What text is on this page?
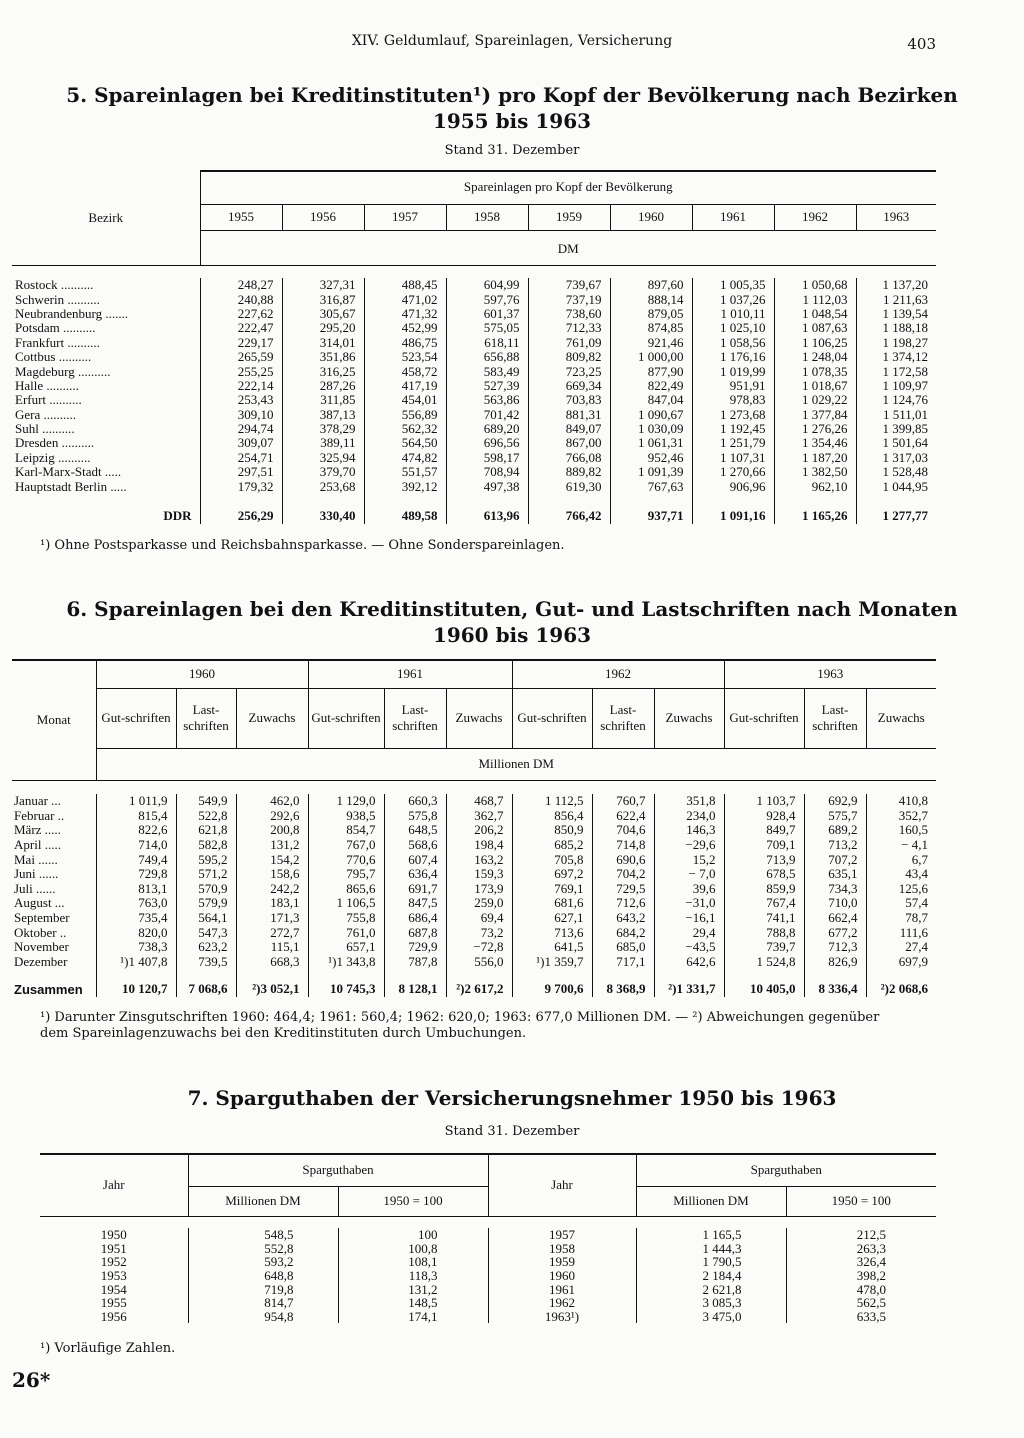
XIV. Geldumlauf, Spareinlagen, Versicherung	403
5. Spareinlagen bei Kreditinstituten¹) pro Kopf der Bevölkerung nach Bezirken
1955 bis 1963
Stand 31. Dezember
Bezirk	Spareinlagen pro Kopf der Bevölkerung								
	1955	1956	1957	1958	1959	1960	1961	1962	1963
	DM								

Rostock ..........	248,27	327,31	488,45	604,99	739,67	897,60	1 005,35	1 050,68	1 137,20
Schwerin ..........	240,88	316,87	471,02	597,76	737,19	888,14	1 037,26	1 112,03	1 211,63
Neubrandenburg .......	227,62	305,67	471,32	601,37	738,60	879,05	1 010,11	1 048,54	1 139,54
Potsdam ..........	222,47	295,20	452,99	575,05	712,33	874,85	1 025,10	1 087,63	1 188,18
Frankfurt ..........	229,17	314,01	486,75	618,11	761,09	921,46	1 058,56	1 106,25	1 198,27
Cottbus ..........	265,59	351,86	523,54	656,88	809,82	1 000,00	1 176,16	1 248,04	1 374,12
Magdeburg ..........	255,25	316,25	458,72	583,49	723,25	877,90	1 019,99	1 078,35	1 172,58
Halle ..........	222,14	287,26	417,19	527,39	669,34	822,49	951,91	1 018,67	1 109,97
Erfurt ..........	253,43	311,85	454,01	563,86	703,83	847,04	978,83	1 029,22	1 124,76
Gera ..........	309,10	387,13	556,89	701,42	881,31	1 090,67	1 273,68	1 377,84	1 511,01
Suhl ..........	294,74	378,29	562,32	689,20	849,07	1 030,09	1 192,45	1 276,26	1 399,85
Dresden ..........	309,07	389,11	564,50	696,56	867,00	1 061,31	1 251,79	1 354,46	1 501,64
Leipzig ..........	254,71	325,94	474,82	598,17	766,08	952,46	1 107,31	1 187,20	1 317,03
Karl-Marx-Stadt .....	297,51	379,70	551,57	708,94	889,82	1 091,39	1 270,66	1 382,50	1 528,48
Hauptstadt Berlin .....	179,32	253,68	392,12	497,38	619,30	767,63	906,96	962,10	1 044,95
DDR	256,29	330,40	489,58	613,96	766,42	937,71	1 091,16	1 165,26	1 277,77
¹) Ohne Postsparkasse und Reichsbahnsparkasse. — Ohne Sonderspareinlagen.
6. Spareinlagen bei den Kreditinstituten, Gut- und Lastschriften nach Monaten
1960 bis 1963
Monat	1960			1961			1962			1963		
	Gut-schriften	Last-schriften	Zuwachs	Gut-schriften	Last-schriften	Zuwachs	Gut-schriften	Last-schriften	Zuwachs	Gut-schriften	Last-schriften	Zuwachs
	Millionen DM											

Januar ...	1 011,9	549,9	462,0	1 129,0	660,3	468,7	1 112,5	760,7	351,8	1 103,7	692,9	410,8
Februar ..	815,4	522,8	292,6	938,5	575,8	362,7	856,4	622,4	234,0	928,4	575,7	352,7
März .....	822,6	621,8	200,8	854,7	648,5	206,2	850,9	704,6	146,3	849,7	689,2	160,5
April .....	714,0	582,8	131,2	767,0	568,6	198,4	685,2	714,8	−29,6	709,1	713,2	− 4,1
Mai ......	749,4	595,2	154,2	770,6	607,4	163,2	705,8	690,6	15,2	713,9	707,2	6,7
Juni ......	729,8	571,2	158,6	795,7	636,4	159,3	697,2	704,2	− 7,0	678,5	635,1	43,4
Juli ......	813,1	570,9	242,2	865,6	691,7	173,9	769,1	729,5	39,6	859,9	734,3	125,6
August ...	763,0	579,9	183,1	1 106,5	847,5	259,0	681,6	712,6	−31,0	767,4	710,0	57,4
September	735,4	564,1	171,3	755,8	686,4	69,4	627,1	643,2	−16,1	741,1	662,4	78,7
Oktober ..	820,0	547,3	272,7	761,0	687,8	73,2	713,6	684,2	29,4	788,8	677,2	111,6
November	738,3	623,2	115,1	657,1	729,9	−72,8	641,5	685,0	−43,5	739,7	712,3	27,4
Dezember	¹)1 407,8	739,5	668,3	¹)1 343,8	787,8	556,0	¹)1 359,7	717,1	642,6	1 524,8	826,9	697,9
Zusammen	10 120,7	7 068,6	²)3 052,1	10 745,3	8 128,1	²)2 617,2	9 700,6	8 368,9	²)1 331,7	10 405,0	8 336,4	²)2 068,6
¹) Darunter Zinsgutschriften 1960: 464,4; 1961: 560,4; 1962: 620,0; 1963: 677,0 Millionen DM. — ²) Abweichungen gegenüber
dem Spareinlagenzuwachs bei den Kreditinstituten durch Umbuchungen.
7. Sparguthaben der Versicherungsnehmer 1950 bis 1963
Stand 31. Dezember
Jahr	Sparguthaben		Jahr	Sparguthaben	
	Millionen DM	1950 = 100		Millionen DM	1950 = 100

1950	548,5	100	1957	1 165,5	212,5
1951	552,8	100,8	1958	1 444,3	263,3
1952	593,2	108,1	1959	1 790,5	326,4
1953	648,8	118,3	1960	2 184,4	398,2
1954	719,8	131,2	1961	2 621,8	478,0
1955	814,7	148,5	1962	3 085,3	562,5
1956	954,8	174,1	1963¹)	3 475,0	633,5
¹) Vorläufige Zahlen.
26*
